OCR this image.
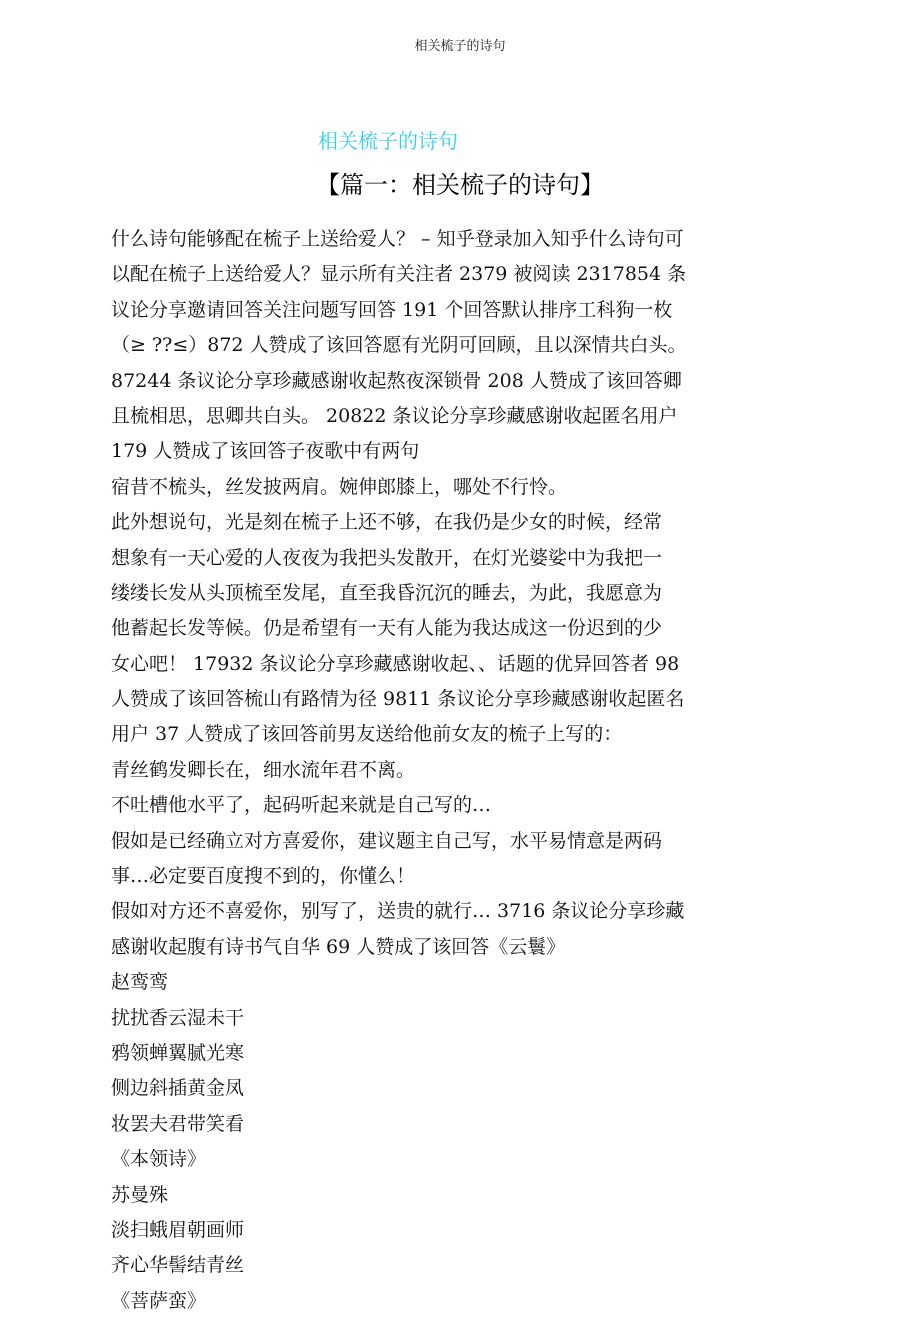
相关梳子的诗句
相关梳子的诗句
【篇一：相关梳子的诗句】
什么诗句能够配在梳子上送给爱人？ – 知乎登录加入知乎什么诗句可
以配在梳子上送给爱人？显示所有关注者 2379 被阅读 2317854 条
议论分享邀请回答关注问题写回答 191 个回答默认排序工科狗一枚
（≥ ??≤）872 人赞成了该回答愿有光阴可回顾，且以深情共白头。
87244 条议论分享珍藏感谢收起熬夜深锁骨 208 人赞成了该回答卿
且梳相思，思卿共白头。 20822 条议论分享珍藏感谢收起匿名用户
179 人赞成了该回答子夜歌中有两句
宿昔不梳头，丝发披两肩。婉伸郎膝上，哪处不行怜。
此外想说句，光是刻在梳子上还不够，在我仍是少女的时候，经常
想象有一天心爱的人夜夜为我把头发散开，在灯光婆娑中为我把一
缕缕长发从头顶梳至发尾，直至我昏沉沉的睡去，为此，我愿意为
他蓄起长发等候。仍是希望有一天有人能为我达成这一份迟到的少
女心吧！ 17932 条议论分享珍藏感谢收起、、话题的优异回答者 98
人赞成了该回答梳山有路情为径 9811 条议论分享珍藏感谢收起匿名
用户 37 人赞成了该回答前男友送给他前女友的梳子上写的：
青丝鹤发卿长在，细水流年君不离。
不吐槽他水平了，起码听起来就是自己写的…
假如是已经确立对方喜爱你，建议题主自己写，水平易情意是两码
事…必定要百度搜不到的，你懂么！
假如对方还不喜爱你，别写了，送贵的就行… 3716 条议论分享珍藏
感谢收起腹有诗书气自华 69 人赞成了该回答《云鬟》
赵鸾鸾
扰扰香云湿未干
鸦领蝉翼腻光寒
侧边斜插黄金凤
妆罢夫君带笑看
《本领诗》
苏曼殊
淡扫蛾眉朝画师
齐心华髻结青丝
《菩萨蛮》
